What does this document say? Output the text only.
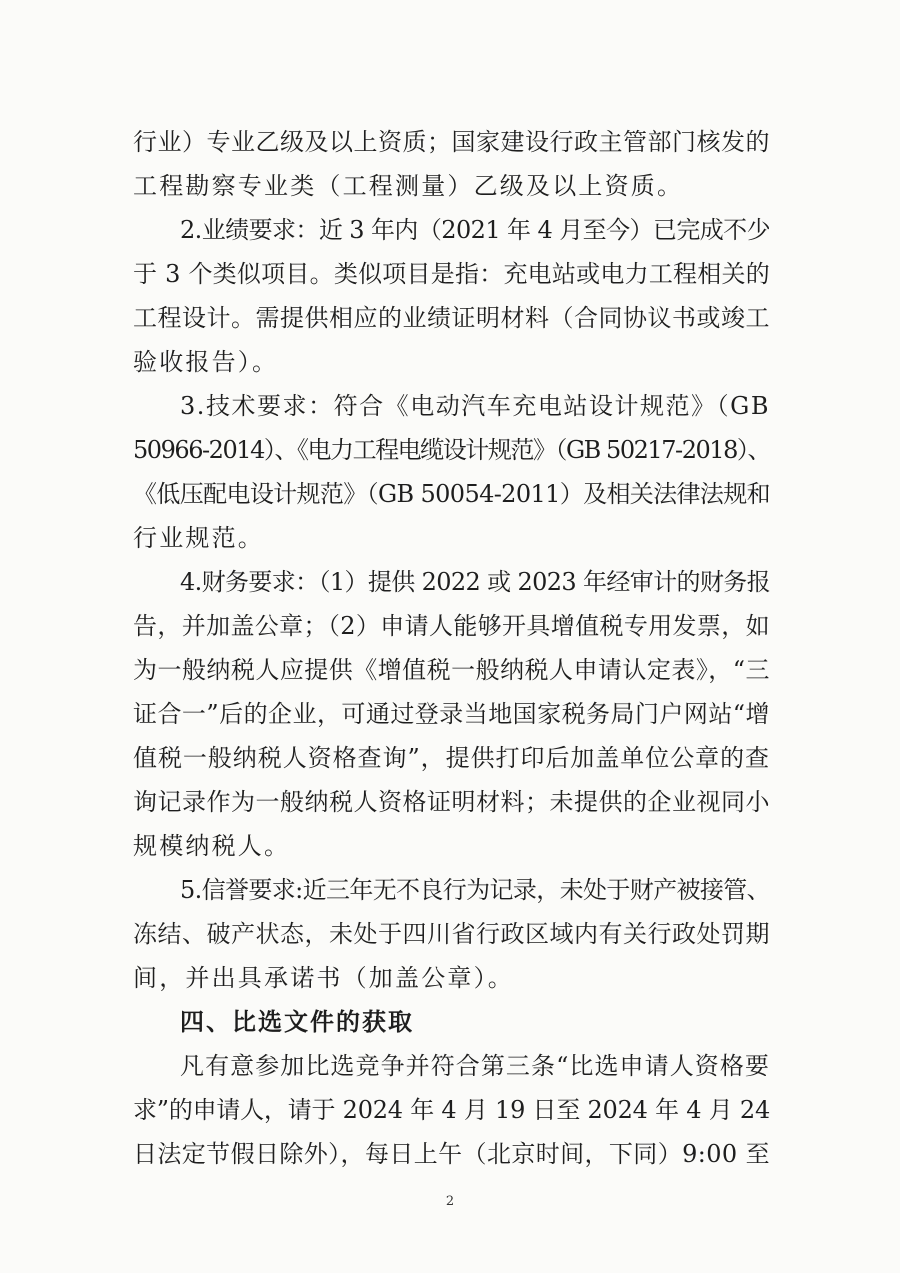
行业）专业乙级及以上资质；国家建设行政主管部门核发的
工程勘察专业类（工程测量）乙级及以上资质。
2.业绩要求：近 3 年内（2021 年 4 月至今）已完成不少
于 3 个类似项目。类似项目是指：充电站或电力工程相关的
工程设计。需提供相应的业绩证明材料（合同协议书或竣工
验收报告）。
3.技术要求：符合《电动汽车充电站设计规范》（GB
50966-2014）、《电力工程电缆设计规范》（GB 50217-2018）、
《低压配电设计规范》（GB 50054-2011）及相关法律法规和
行业规范。
4.财务要求：（1）提供 2022 或 2023 年经审计的财务报
告，并加盖公章；（2）申请人能够开具增值税专用发票，如
为一般纳税人应提供《增值税一般纳税人申请认定表》，“三
证合一”后的企业，可通过登录当地国家税务局门户网站“增
值税一般纳税人资格查询”，提供打印后加盖单位公章的查
询记录作为一般纳税人资格证明材料；未提供的企业视同小
规模纳税人。
5.信誉要求:近三年无不良行为记录，未处于财产被接管、
冻结、破产状态，未处于四川省行政区域内有关行政处罚期
间，并出具承诺书（加盖公章）。
四、比选文件的获取
凡有意参加比选竞争并符合第三条“比选申请人资格要
求”的申请人，请于 2024 年 4 月 19 日至 2024 年 4 月 24
日法定节假日除外），每日上午（北京时间，下同）9:00 至
2
